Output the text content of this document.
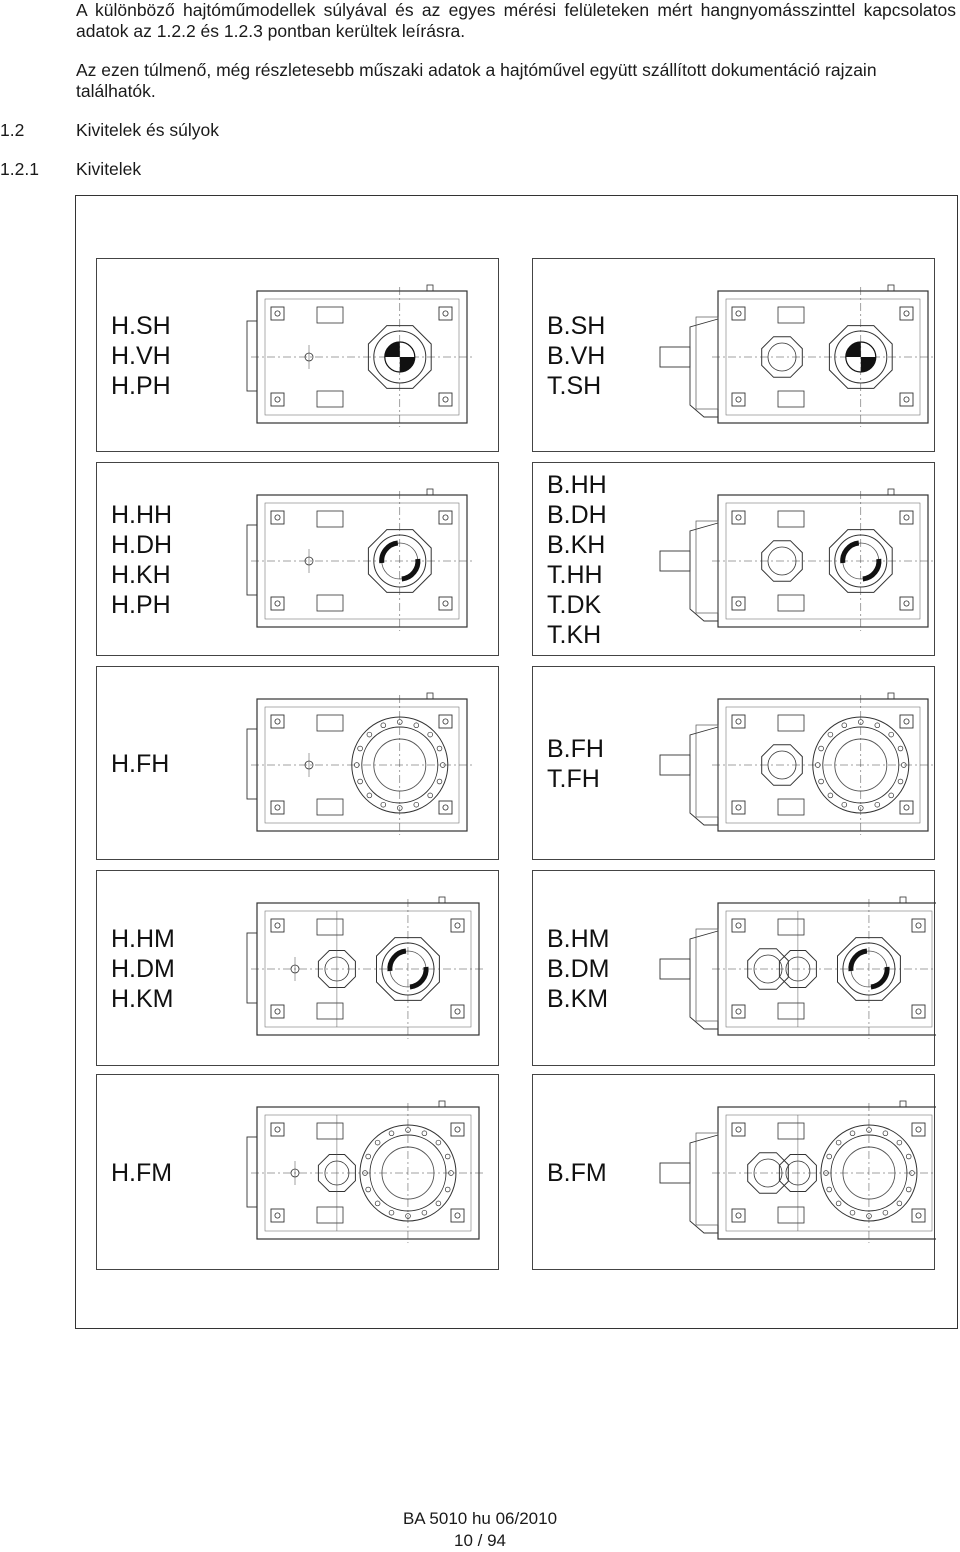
A különböző hajtóműmodellek súlyával és az egyes mérési felületeken mért hangnyomásszinttel kapcsolatos adatok az 1.2.2 és 1.2.3 pontban kerültek leírásra.

Az ezen túlmenő, még részletesebb műszaki adatok a hajtóművel együtt szállított dokumentáció rajzain találhatók.

1.2	Kivitelek és súlyok
1.2.1 Kivitelek
H.SH
H.VH
H.PH
B.SH
B.VH
T.SH
H.HH
H.DH
H.KH
H.PH
B.HH
B.DH
B.KH
T.HH
T.DK
T.KH
H.FH
B.FH
T.FH
H.HM
H.DM
H.KM
B.HM
B.DM
B.KM
H.FM	B.FM
BA 5010 hu 06/2010
10 / 94
